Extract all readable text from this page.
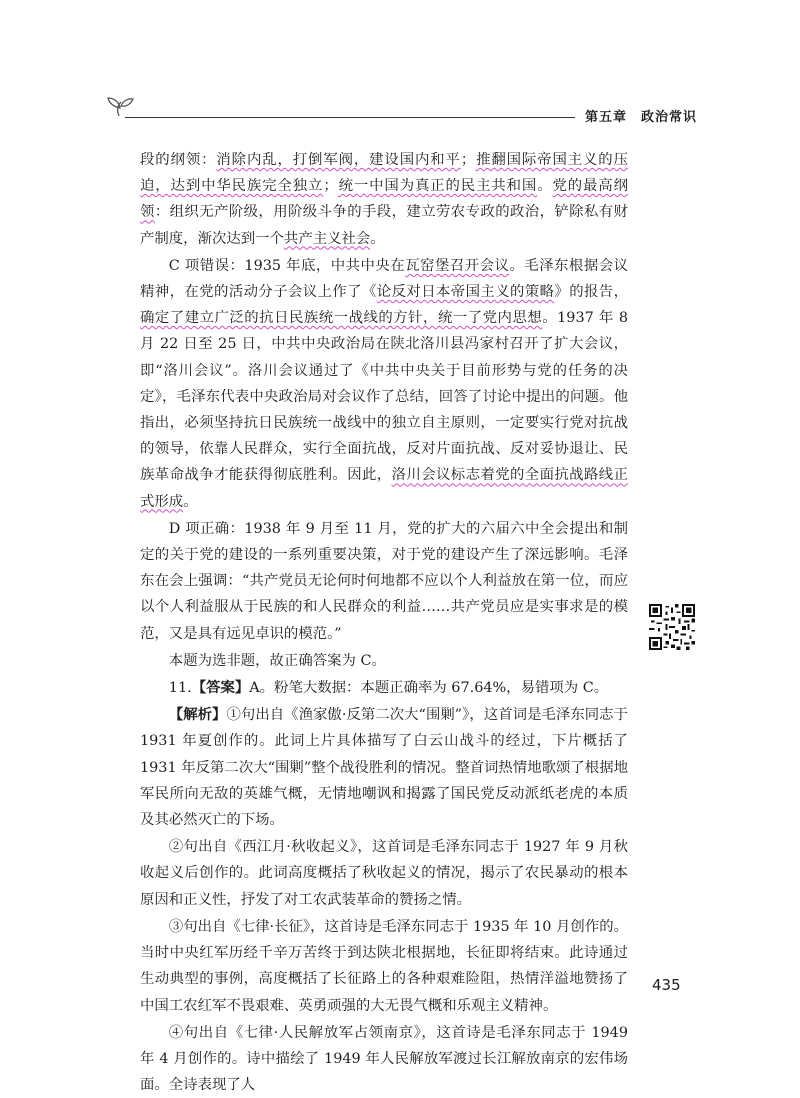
第五章 政治常识

段的纲领：消除内乱，打倒军阀，建设国内和平；推翻国际帝国主义的压迫，达到中华民族完全独立；统一中国为真正的民主共和国。党的最高纲领：组织无产阶级，用阶级斗争的手段，建立劳农专政的政治，铲除私有财产制度，渐次达到一个共产主义社会。

C 项错误：1935 年底，中共中央在瓦窑堡召开会议。毛泽东根据会议精神，在党的活动分子会议上作了《论反对日本帝国主义的策略》的报告，确定了建立广泛的抗日民族统一战线的方针，统一了党内思想。1937 年 8 月 22 日至 25 日，中共中央政治局在陕北洛川县冯家村召开了扩大会议，即“洛川会议”。洛川会议通过了《中共中央关于目前形势与党的任务的决定》，毛泽东代表中央政治局对会议作了总结，回答了讨论中提出的问题。他指出，必须坚持抗日民族统一战线中的独立自主原则，一定要实行党对抗战的领导，依靠人民群众，实行全面抗战，反对片面抗战、反对妥协退让、民族革命战争才能获得彻底胜利。因此，洛川会议标志着党的全面抗战路线正式形成。

D 项正确：1938 年 9 月至 11 月，党的扩大的六届六中全会提出和制定的关于党的建设的一系列重要决策，对于党的建设产生了深远影响。毛泽东在会上强调：“共产党员无论何时何地都不应以个人利益放在第一位，而应以个人利益服从于民族的和人民群众的利益……共产党员应是实事求是的模范，又是具有远见卓识的模范。”

本题为选非题，故正确答案为 C。

11.【答案】A。粉笔大数据：本题正确率为 67.64%，易错项为 C。

【解析】①句出自《渔家傲·反第二次大“围剿”》，这首词是毛泽东同志于 1931 年夏创作的。此词上片具体描写了白云山战斗的经过，下片概括了 1931 年反第二次大“围剿”整个战役胜利的情况。整首词热情地歌颂了根据地军民所向无敌的英雄气概，无情地嘲讽和揭露了国民党反动派纸老虎的本质及其必然灭亡的下场。

②句出自《西江月·秋收起义》，这首词是毛泽东同志于 1927 年 9 月秋收起义后创作的。此词高度概括了秋收起义的情况，揭示了农民暴动的根本原因和正义性，抒发了对工农武装革命的赞扬之情。

③句出自《七律·长征》，这首诗是毛泽东同志于 1935 年 10 月创作的。当时中央红军历经千辛万苦终于到达陕北根据地，长征即将结束。此诗通过生动典型的事例，高度概括了长征路上的各种艰难险阻，热情洋溢地赞扬了中国工农红军不畏艰难、英勇顽强的大无畏气概和乐观主义精神。

④句出自《七律·人民解放军占领南京》，这首诗是毛泽东同志于 1949 年 4 月创作的。诗中描绘了 1949 年人民解放军渡过长江解放南京的宏伟场面。全诗表现了人

435
